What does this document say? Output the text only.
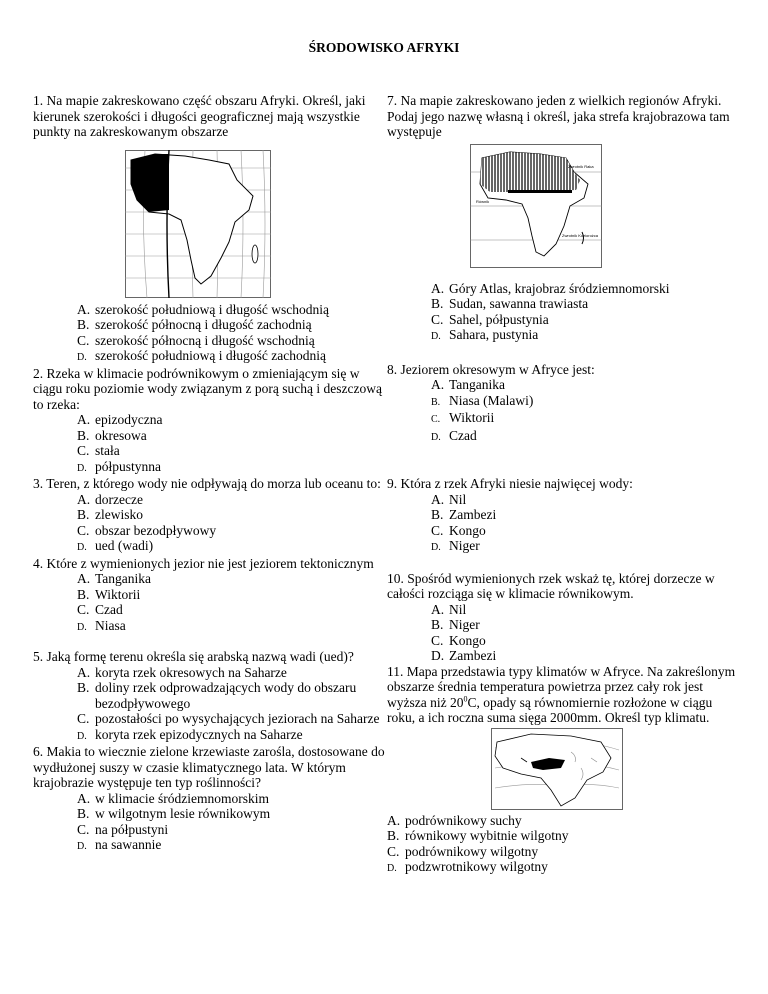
ŚRODOWISKO AFRYKI

1. Na mapie zakreskowano część obszaru Afryki. Określ, jaki kierunek szerokości i długości geograficznej mają wszystkie punkty na zakreskowanym obszarze

A. szerokość południową i długość wschodnią
B. szerokość północną i długość zachodnią
C. szerokość północną i długość wschodnią
D. szerokość południową i długość zachodnią

2. Rzeka w klimacie podrównikowym o zmieniającym się w ciągu roku poziomie wody związanym z porą suchą i deszczową to rzeka:

A. epizodyczna
B. okresowa
C. stała
D. półpustynna

3. Teren, z którego wody nie odpływają do morza lub oceanu to:

A. dorzecze
B. zlewisko
C. obszar bezodpływowy
D. ued (wadi)

4. Które z wymienionych jezior nie jest jeziorem tektonicznym

A. Tanganika
B. Wiktorii
C. Czad
D. Niasa

5. Jaką formę terenu określa się arabską nazwą wadi (ued)?

A. koryta rzek okresowych na Saharze
B. doliny rzek odprowadzających wody do obszaru bezodpływowego
C. pozostałości po wysychających jeziorach na Saharze
D. koryta rzek epizodycznych na Saharze

6. Makia to wiecznie zielone krzewiaste zarośla, dostosowane do wydłużonej suszy w czasie klimatycznego lata. W którym krajobrazie występuje ten typ roślinności?

A. w klimacie śródziemnomorskim
B. w wilgotnym lesie równikowym
C. na półpustyni
D. na sawannie

7. Na mapie zakreskowano jeden z wielkich regionów Afryki. Podaj jego nazwę własną i określ, jaka strefa krajobrazowa tam występuje

Zwrotnik Raka
Równik
Zwrotnik Koziorożca
A. Góry Atlas, krajobraz śródziemnomorski
B. Sudan, sawanna trawiasta
C. Sahel, półpustynia
D. Sahara, pustynia

8. Jeziorem okresowym w Afryce jest:

A. Tanganika
B. Niasa (Malawi)
C. Wiktorii
D. Czad

9. Która z rzek Afryki niesie najwięcej wody:

A. Nil
B. Zambezi
C. Kongo
D. Niger

10. Spośród wymienionych rzek wskaż tę, której dorzecze w całości rozciąga się w klimacie równikowym.

A. Nil
B. Niger
C. Kongo
D. Zambezi

11. Mapa przedstawia typy klimatów w Afryce. Na zakreślonym obszarze średnia temperatura powietrza przez cały rok jest wyższa niż $20^0C$, opady są równomiernie rozłożone w ciągu roku, a ich roczna suma sięga 2000mm. Określ typ klimatu.

A. podrównikowy suchy
B. równikowy wybitnie wilgotny
C. podrównikowy wilgotny
D. podzwrotnikowy wilgotny
